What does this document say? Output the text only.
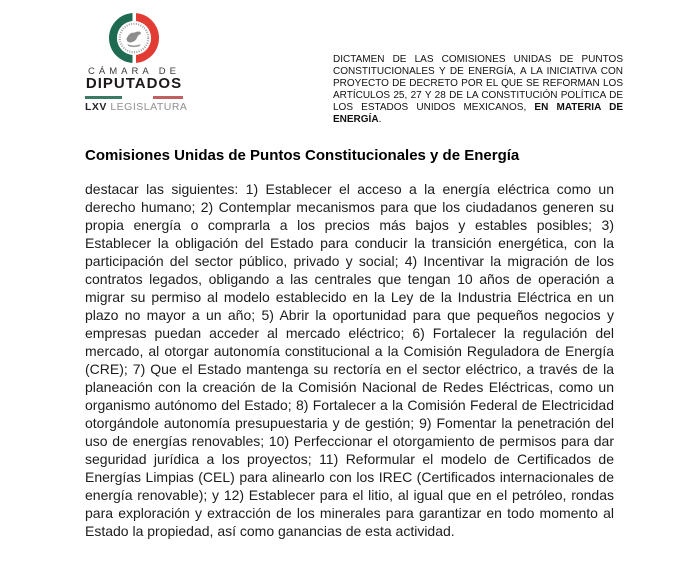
CÁMARA DE
DIPUTADOS
LXV LEGISLATURA

DICTAMEN DE LAS COMISIONES UNIDAS DE PUNTOS CONSTITUCIONALES Y DE ENERGÍA, A LA INICIATIVA CON PROYECTO DE DECRETO POR EL QUE SE REFORMAN LOS ARTÍCULOS 25, 27 Y 28 DE LA CONSTITUCIÓN POLÍTICA DE LOS ESTADOS UNIDOS MEXICANOS, EN MATERIA DE ENERGÍA.

Comisiones Unidas de Puntos Constitucionales y de Energía

destacar las siguientes: 1) Establecer el acceso a la energía eléctrica como un derecho humano; 2) Contemplar mecanismos para que los ciudadanos generen su propia energía o comprarla a los precios más bajos y estables posibles; 3) Establecer la obligación del Estado para conducir la transición energética, con la participación del sector público, privado y social; 4) Incentivar la migración de los contratos legados, obligando a las centrales que tengan 10 años de operación a migrar su permiso al modelo establecido en la Ley de la Industria Eléctrica en un plazo no mayor a un año; 5) Abrir la oportunidad para que pequeños negocios y empresas puedan acceder al mercado eléctrico; 6) Fortalecer la regulación del mercado, al otorgar autonomía constitucional a la Comisión Reguladora de Energía (CRE); 7) Que el Estado mantenga su rectoría en el sector eléctrico, a través de la planeación con la creación de la Comisión Nacional de Redes Eléctricas, como un organismo autónomo del Estado; 8) Fortalecer a la Comisión Federal de Electricidad otorgándole autonomía presupuestaria y de gestión; 9) Fomentar la penetración del uso de energías renovables; 10) Perfeccionar el otorgamiento de permisos para dar seguridad jurídica a los proyectos; 11) Reformular el modelo de Certificados de Energías Limpias (CEL) para alinearlo con los IREC (Certificados internacionales de energía renovable); y 12) Establecer para el litio, al igual que en el petróleo, rondas para exploración y extracción de los minerales para garantizar en todo momento al Estado la propiedad, así como ganancias de esta actividad.
